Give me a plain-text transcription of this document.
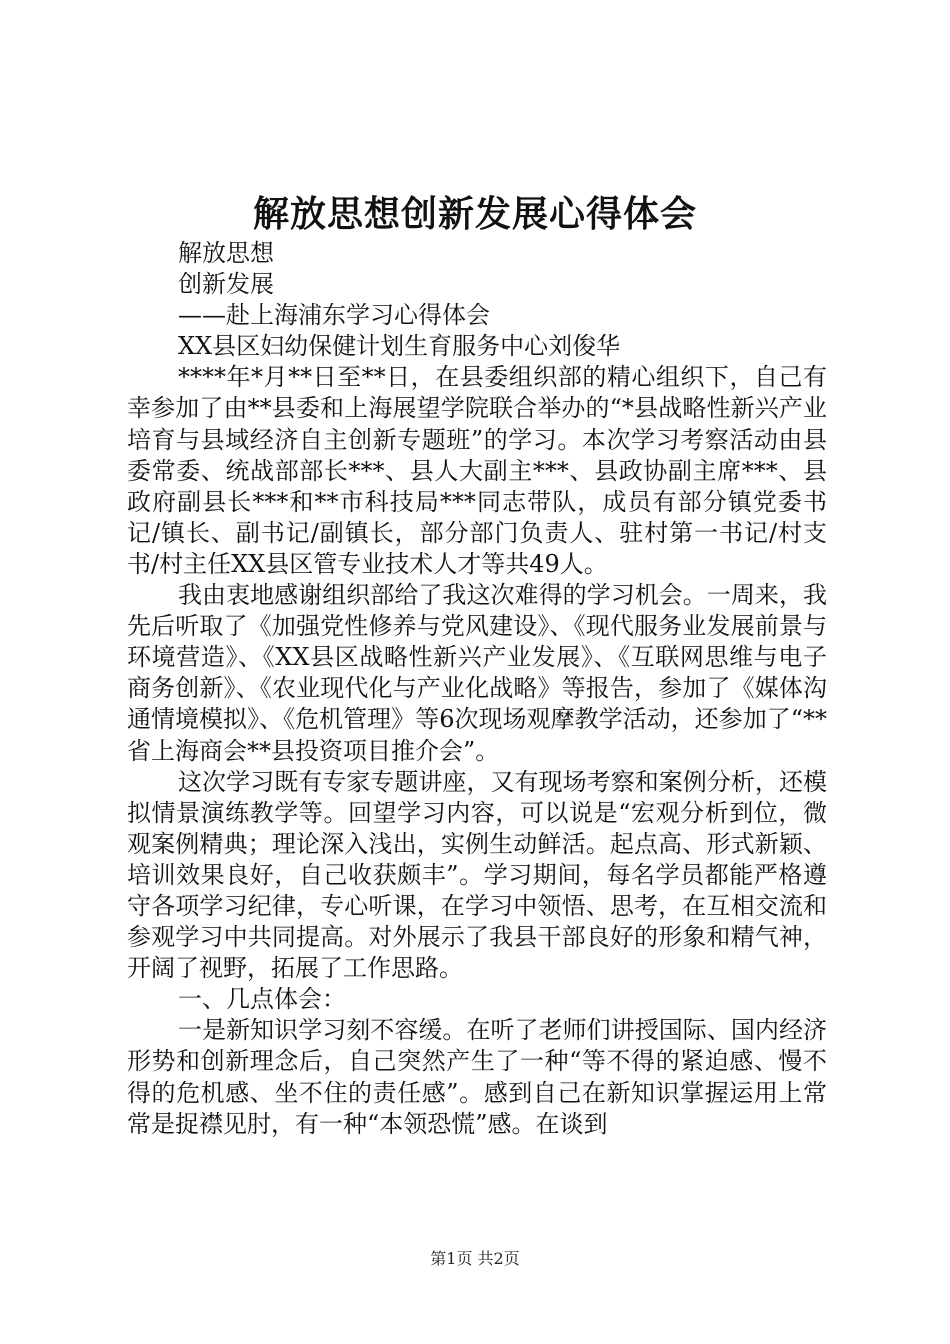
解放思想创新发展心得体会
解放思想
创新发展
——赴上海浦东学习心得体会
XX县区妇幼保健计划生育服务中心刘俊华

****年*月**日至**日，在县委组织部的精心组织下，自己有幸参加了由**县委和上海展望学院联合举办的“*县战略性新兴产业培育与县域经济自主创新专题班”的学习。本次学习考察活动由县委常委、统战部部长***、县人大副主***、县政协副主席***、县政府副县长***和**市科技局***同志带队，成员有部分镇党委书记/镇长、副书记/副镇长，部分部门负责人、驻村第一书记/村支书/村主任XX县区管专业技术人才等共49人。

我由衷地感谢组织部给了我这次难得的学习机会。一周来，我先后听取了《加强党性修养与党风建设》、《现代服务业发展前景与环境营造》、《XX县区战略性新兴产业发展》、《互联网思维与电子商务创新》、《农业现代化与产业化战略》等报告，参加了《媒体沟通情境模拟》、《危机管理》等6次现场观摩教学活动，还参加了“**省上海商会**县投资项目推介会”。

这次学习既有专家专题讲座，又有现场考察和案例分析，还模拟情景演练教学等。回望学习内容，可以说是“宏观分析到位，微观案例精典；理论深入浅出，实例生动鲜活。起点高、形式新颖、培训效果良好，自己收获颇丰”。学习期间，每名学员都能严格遵守各项学习纪律，专心听课，在学习中领悟、思考，在互相交流和参观学习中共同提高。对外展示了我县干部良好的形象和精气神，开阔了视野，拓展了工作思路。

一、几点体会：

一是新知识学习刻不容缓。在听了老师们讲授国际、国内经济形势和创新理念后，自己突然产生了一种“等不得的紧迫感、慢不得的危机感、坐不住的责任感”。感到自己在新知识掌握运用上常常是捉襟见肘，有一种“本领恐慌”感。在谈到

第1页 共2页
